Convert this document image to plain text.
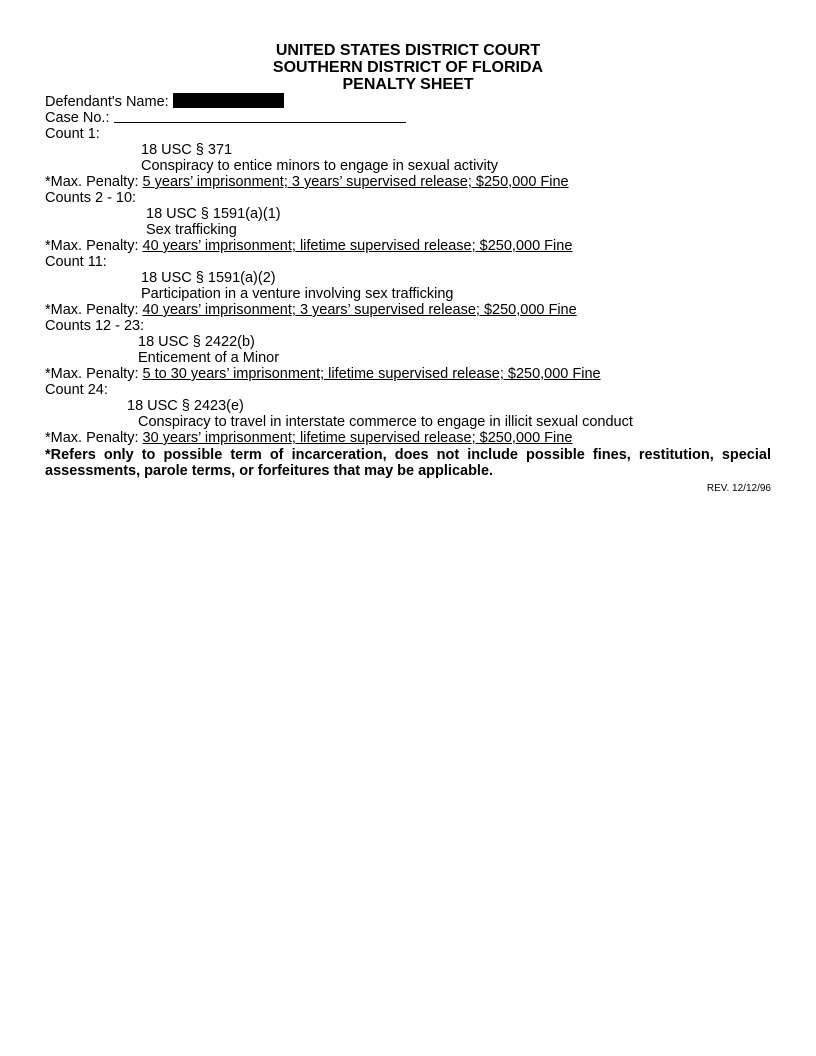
UNITED STATES DISTRICT COURT
SOUTHERN DISTRICT OF FLORIDA
PENALTY SHEET
Defendant's Name:
Case No.:
Count 1:
18 USC § 371
Conspiracy to entice minors to engage in sexual activity
*Max. Penalty: 5 years’ imprisonment; 3 years’ supervised release; $250,000 Fine
Counts 2 - 10:
18 USC § 1591(a)(1)
Sex trafficking
*Max. Penalty: 40 years’ imprisonment; lifetime supervised release; $250,000 Fine
Count 11:
18 USC § 1591(a)(2)
Participation in a venture involving sex trafficking
*Max. Penalty: 40 years’ imprisonment; 3 years’ supervised release; $250,000 Fine
Counts 12 - 23:
18 USC § 2422(b)
Enticement of a Minor
*Max. Penalty: 5 to 30 years’ imprisonment; lifetime supervised release; $250,000 Fine
Count 24:
18 USC § 2423(e)
Conspiracy to travel in interstate commerce to engage in illicit sexual conduct
*Max. Penalty: 30 years’ imprisonment; lifetime supervised release; $250,000 Fine
*Refers only to possible term of incarceration, does not include possible fines, restitution, special assessments, parole terms, or forfeitures that may be applicable.
REV. 12/12/96
